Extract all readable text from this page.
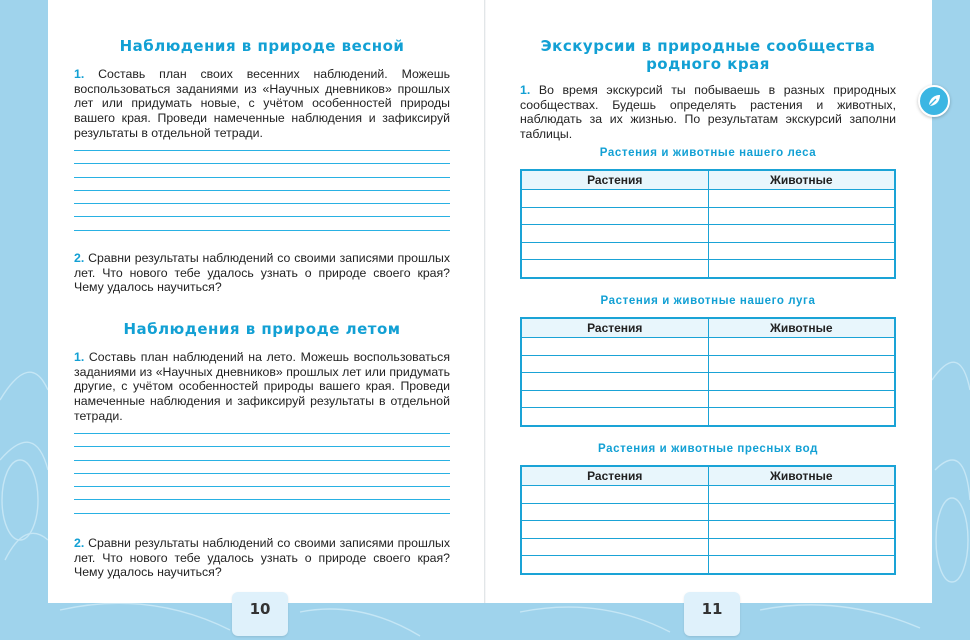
Наблюдения в природе весной

1. Составь план своих весенних наблюдений. Можешь воспользоваться заданиями из «Научных дневников» прошлых лет или придумать новые, с учётом особенностей природы вашего края. Проведи намеченные наблюдения и зафиксируй результаты в отдельной тетради.

2. Сравни результаты наблюдений со своими записями прошлых лет. Что нового тебе удалось узнать о природе своего края? Чему удалось научиться?

Наблюдения в природе летом

1. Составь план наблюдений на лето. Можешь воспользоваться заданиями из «Научных дневников» прошлых лет или придумать другие, с учётом особенностей природы вашего края. Проведи намеченные наблюдения и зафиксируй результаты в отдельной тетради.

2. Сравни результаты наблюдений со своими записями прошлых лет. Что нового тебе удалось узнать о природе своего края? Чему удалось научиться?

10
Экскурсии в природные сообщества
родного края

1. Во время экскурсий ты побываешь в разных природных сообществах. Будешь определять растения и животных, наблюдать за их жизнью. По результатам экскурсий заполни таблицы.

Растения и животные нашего леса

Растения	Животные

Растения и животные нашего луга

Растения	Животные

Растения и животные пресных вод

Растения	Животные

11
